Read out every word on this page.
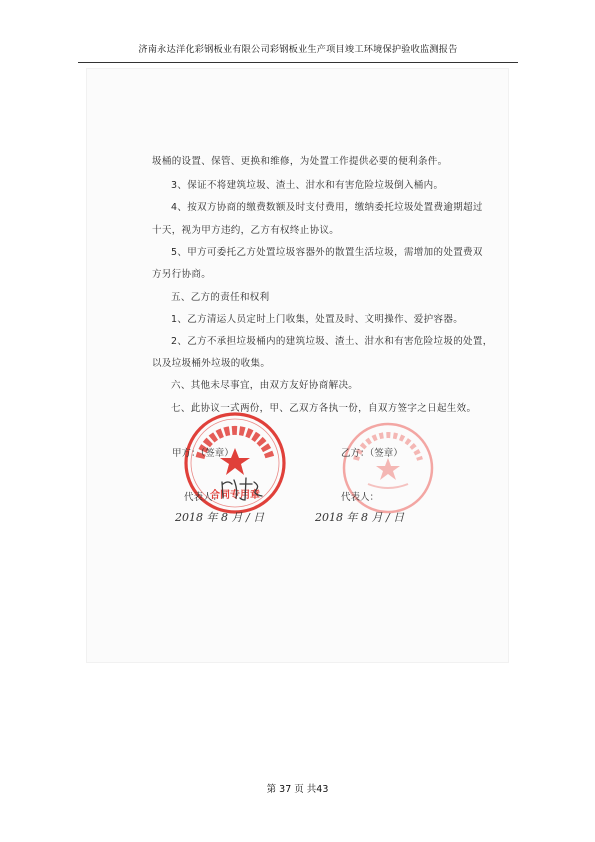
济南永达洋化彩钢板业有限公司彩钢板业生产项目竣工环境保护验收监测报告
圾桶的设置、保管、更换和维修，为处置工作提供必要的便利条件。
3、保证不将建筑垃圾、渣土、泔水和有害危险垃圾倒入桶内。
4、按双方协商的缴费数额及时支付费用，缴纳委托垃圾处置费逾期超过
十天，视为甲方违约，乙方有权终止协议。
5、甲方可委托乙方处置垃圾容器外的散置生活垃圾，需增加的处置费双
方另行协商。
五、乙方的责任和权利
1、乙方清运人员定时上门收集，处置及时、文明操作、爱护容器。
2、乙方不承担垃圾桶内的建筑垃圾、渣土、泔水和有害危险垃圾的处置，
以及垃圾桶外垃圾的收集。
六、其他未尽事宜，由双方友好协商解决。
七、此协议一式两份，甲、乙双方各执一份，自双方签字之日起生效。
合同专用章
甲方：（签章）	乙方：（签章）
代表人：	代表人：
2018 年 8 月 / 日	2018 年 8 月 / 日
第 37 页 共43
